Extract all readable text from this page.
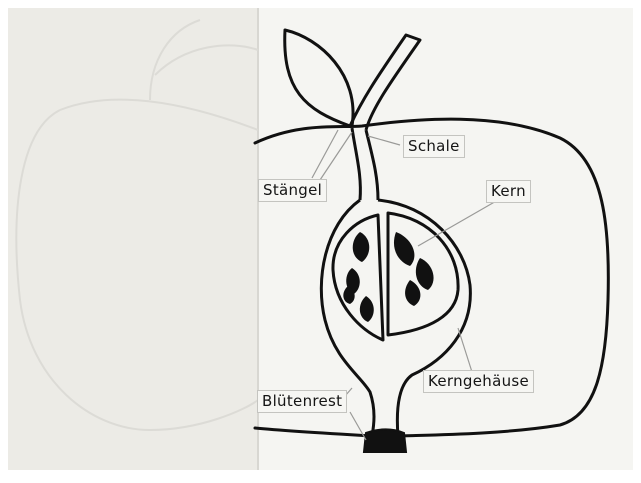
Schale
Stängel	Kern
Kerngehäuse
Blütenrest
